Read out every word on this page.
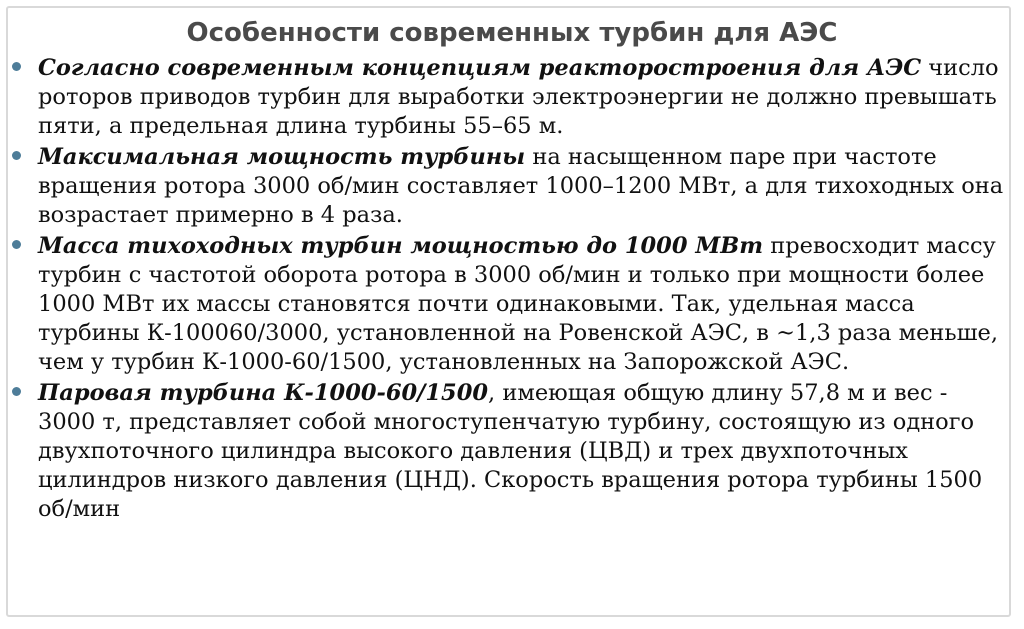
Особенности современных турбин для АЭС
Согласно современным концепциям реакторостроения для АЭС число роторов приводов турбин для выработки электроэнергии не должно превышать пяти, а предельная длина турбины 55–65 м.
Максимальная мощность турбины на насыщенном паре при частоте вращения ротора 3000 об/мин составляет 1000–1200 МВт, а для тихоходных она возрастает примерно в 4 раза.
Масса тихоходных турбин мощностью до 1000 МВт превосходит массу турбин с частотой оборота ротора в 3000 об/мин и только при мощности более 1000 МВт их массы становятся почти одинаковыми. Так, удельная масса турбины К-100060/3000, установленной на Ровенской АЭС, в ~1,3 раза меньше, чем у турбин К-1000-60/1500, установленных на Запорожской АЭС.
Паровая турбина К-1000-60/1500, имеющая общую длину 57,8 м и вес - 3000 т, представляет собой многоступенчатую турбину, состоящую из одного двухпоточного цилиндра высокого давления (ЦВД) и трех двухпоточных цилиндров низкого давления (ЦНД). Скорость вращения ротора турбины 1500 об/мин
